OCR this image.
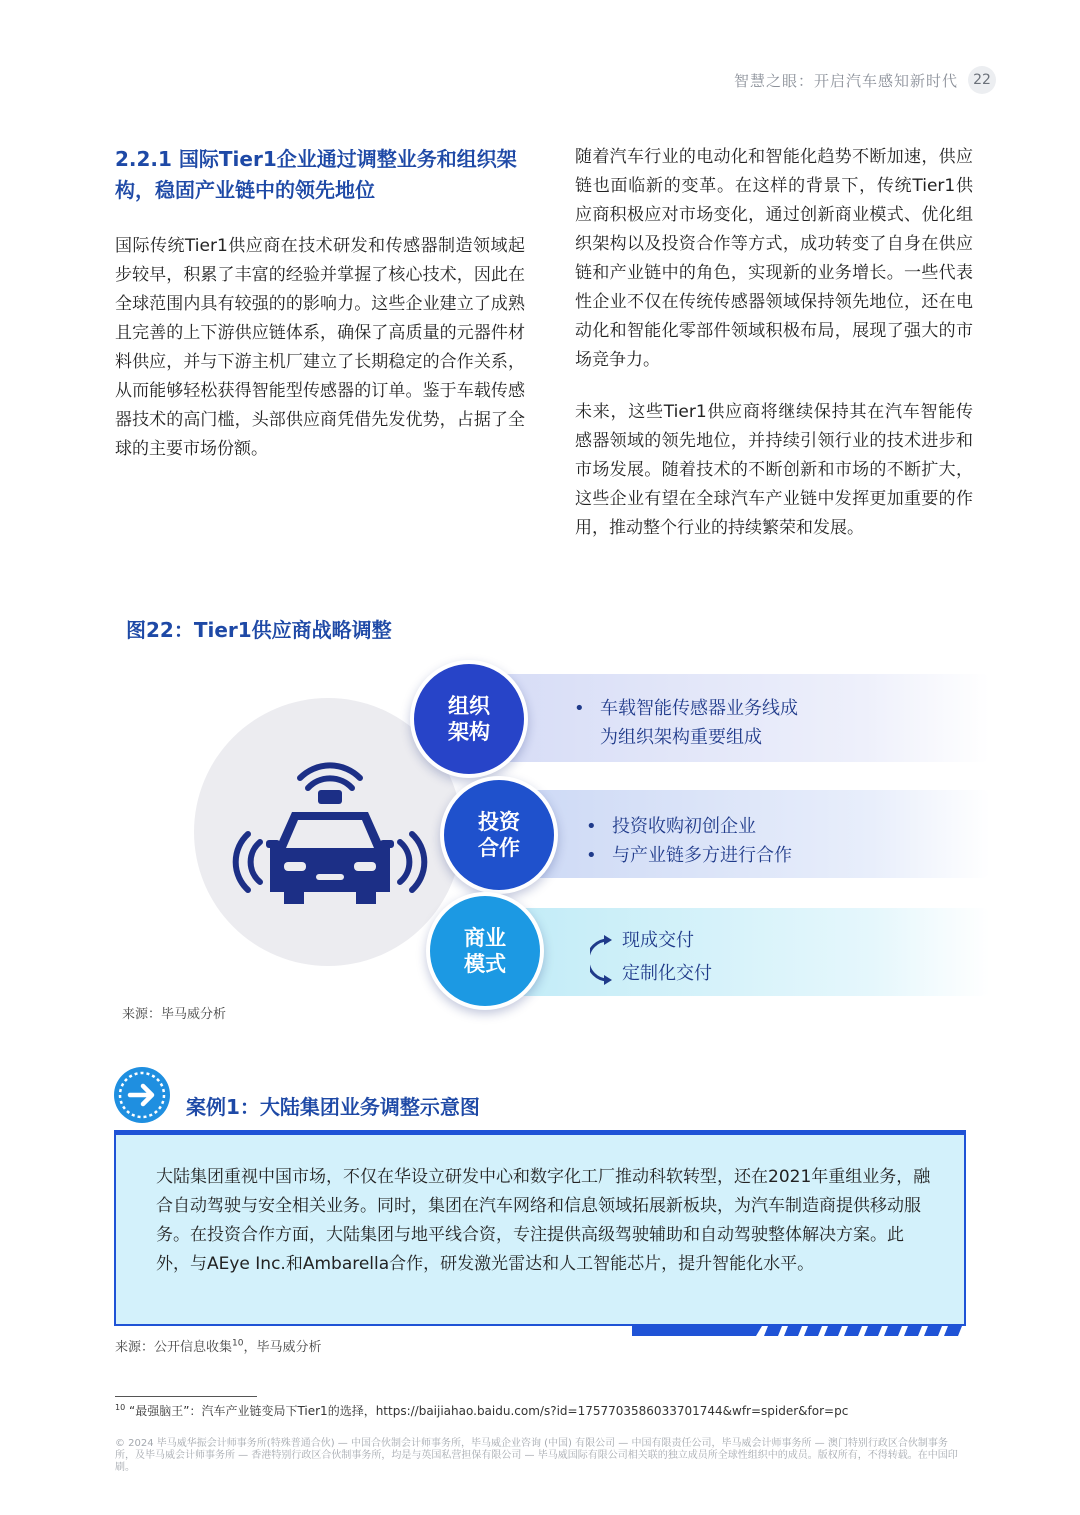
智慧之眼：开启汽车感知新时代	22
2.2.1 国际Tier1企业通过调整业务和组织架构，稳固产业链中的领先地位

国际传统Tier1供应商在技术研发和传感器制造领域起步较早，积累了丰富的经验并掌握了核心技术，因此在全球范围内具有较强的的影响力。这些企业建立了成熟且完善的上下游供应链体系，确保了高质量的元器件材料供应，并与下游主机厂建立了长期稳定的合作关系，从而能够轻松获得智能型传感器的订单。鉴于车载传感器技术的高门槛，头部供应商凭借先发优势，占据了全球的主要市场份额。

随着汽车行业的电动化和智能化趋势不断加速，供应链也面临新的变革。在这样的背景下，传统Tier1供应商积极应对市场变化，通过创新商业模式、优化组织架构以及投资合作等方式，成功转变了自身在供应链和产业链中的角色，实现新的业务增长。一些代表性企业不仅在传统传感器领域保持领先地位，还在电动化和智能化零部件领域积极布局，展现了强大的市场竞争力。

未来，这些Tier1供应商将继续保持其在汽车智能传感器领域的领先地位，并持续引领行业的技术进步和市场发展。随着技术的不断创新和市场的不断扩大，这些企业有望在全球汽车产业链中发挥更加重要的作用，推动整个行业的持续繁荣和发展。

图22：Tier1供应商战略调整
组织
架构
投资
合作
商业
模式
• 车载智能传感器业务线成
为组织架构重要组成
• 投资收购初创企业
• 与产业链多方进行合作
现成交付
定制化交付
来源：毕马威分析
案例1：大陆集团业务调整示意图

大陆集团重视中国市场，不仅在华设立研发中心和数字化工厂推动科软转型，还在2021年重组业务，融合自动驾驶与安全相关业务。同时，集团在汽车网络和信息领域拓展新板块，为汽车制造商提供移动服务。在投资合作方面，大陆集团与地平线合资，专注提供高级驾驶辅助和自动驾驶整体解决方案。此外，与AEye Inc.和Ambarella合作，研发激光雷达和人工智能芯片，提升智能化水平。

来源：公开信息收集$^{10}$，毕马威分析
$^{10}$ “最强脑王”：汽车产业链变局下Tier1的选择，https://baijiahao.baidu.com/s?id=1757703586033701744&wfr=spider&for=pc

© 2024 毕马威华振会计师事务所(特殊普通合伙) — 中国合伙制会计师事务所，毕马威企业咨询 (中国) 有限公司 — 中国有限责任公司，毕马威会计师事务所 — 澳门特别行政区合伙制事务所，及毕马威会计师事务所 — 香港特别行政区合伙制事务所，均是与英国私营担保有限公司 — 毕马威国际有限公司相关联的独立成员所全球性组织中的成员。版权所有，不得转载。在中国印刷。
